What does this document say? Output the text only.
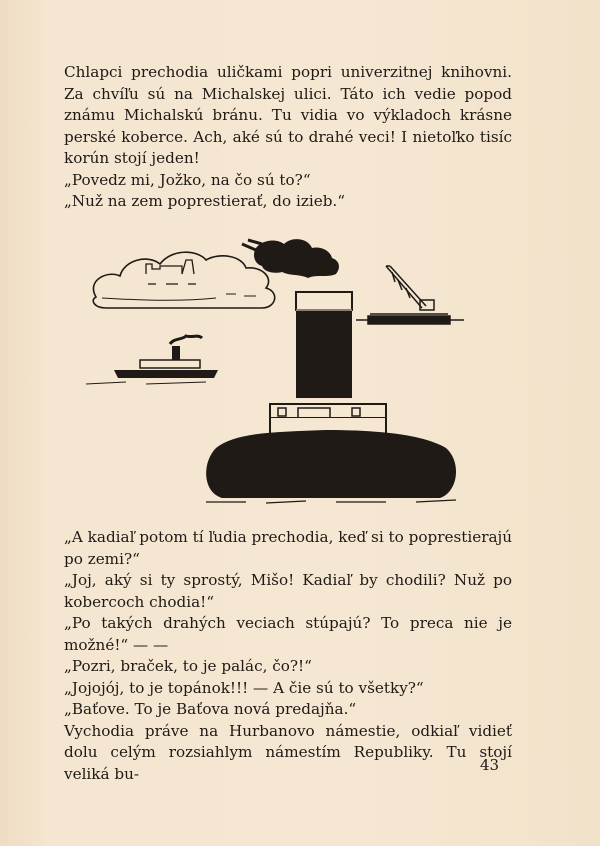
Chlapci prechodia uličkami popri univerzitnej knihovni. Za chvíľu sú na Michalskej ulici. Táto ich vedie popod známu Michalskú bránu. Tu vidia vo výkladoch krásne perské koberce. Ach, aké sú to drahé veci! I nietoľko tisíc korún stojí jeden!

„Povedz mi, Jožko, na čo sú to?“

„Nuž na zem poprestierať, do izieb.“

„A kadiaľ potom tí ľudia prechodia, keď si to poprestierajú po zemi?“

„Joj, aký si ty sprostý, Mišo! Kadiaľ by chodili? Nuž po kobercoch chodia!“

„Po takých drahých veciach stúpajú? To preca nie je možné!“ — —

„Pozri, braček, to je palác, čo?!“

„Jojojój, to je topánok!!! — A čie sú to všetky?“

„Baťove. To je Baťova nová predajňa.“

Vychodia práve na Hurbanovo námestie, odkiaľ vidieť dolu celým rozsiahlym námestím Republiky. Tu stojí veliká bu-	43
